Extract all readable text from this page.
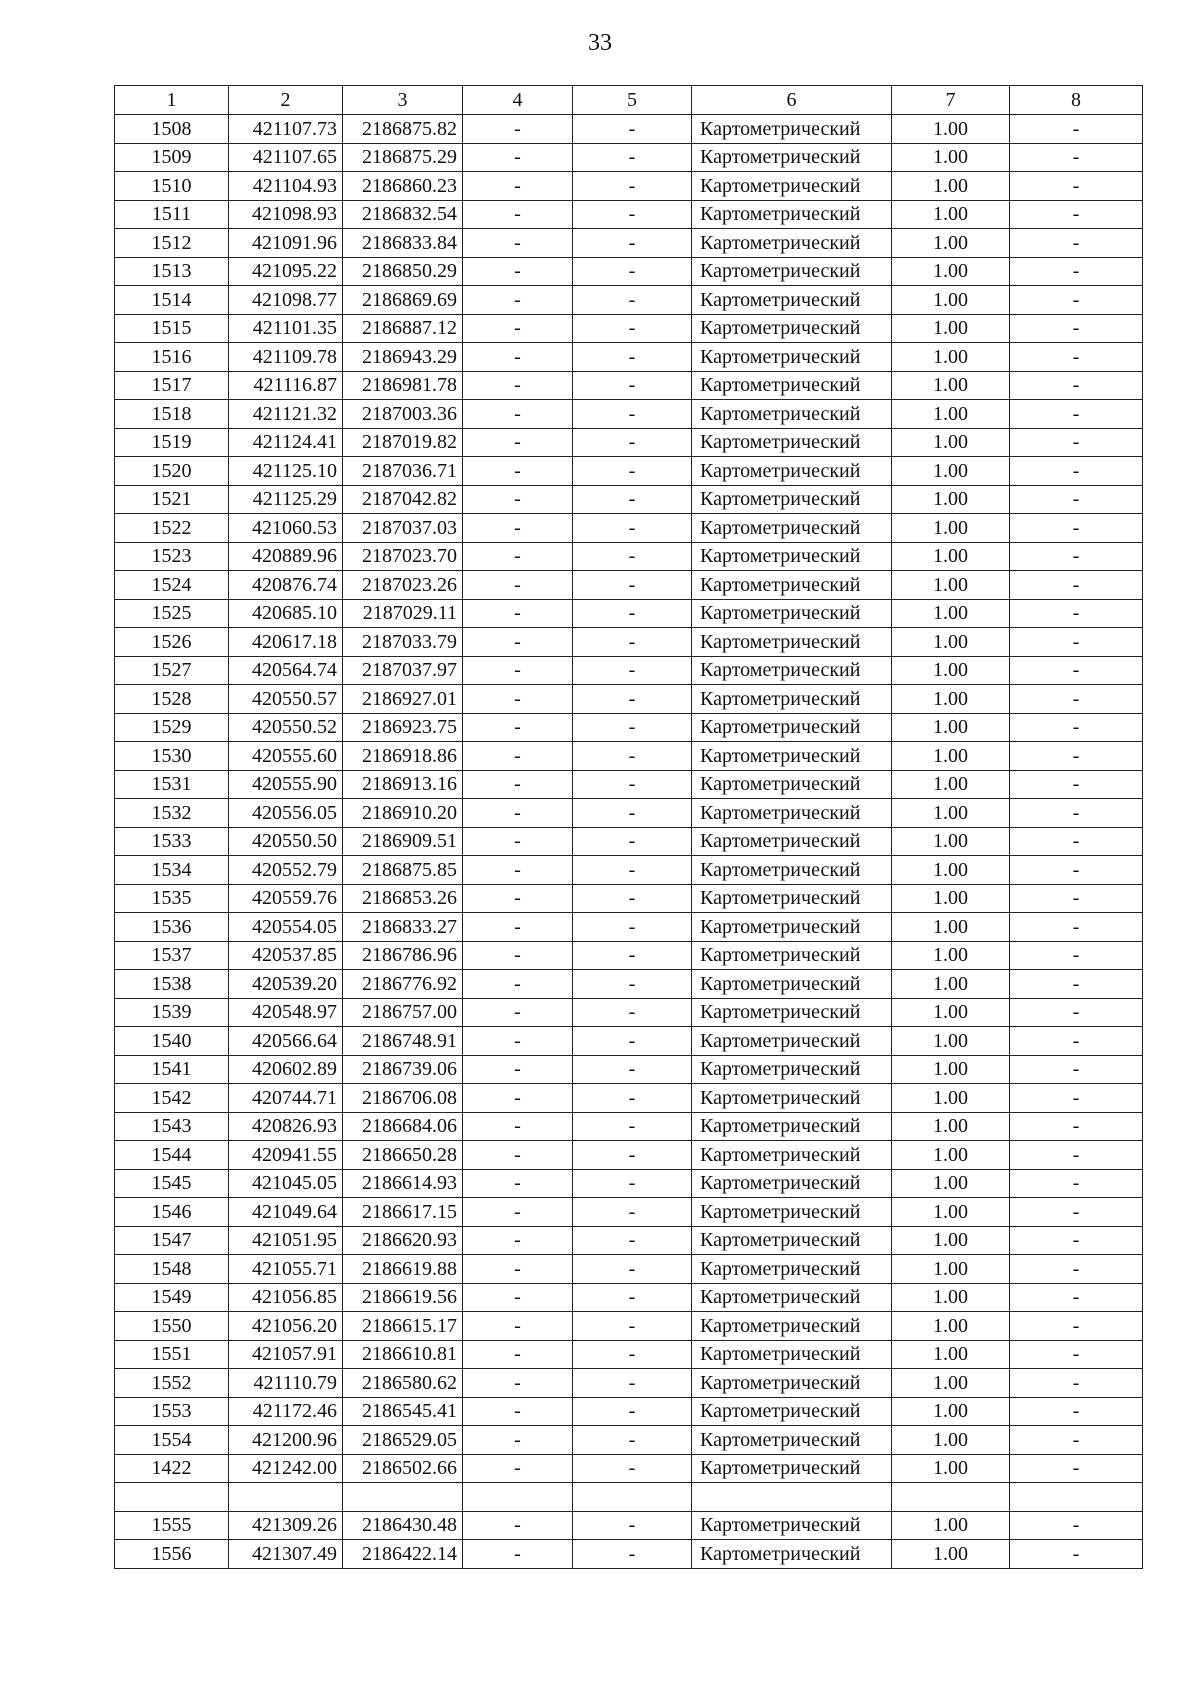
33
1	2	3	4	5	6	7	8
1508	421107.73	2186875.82	-	-	Картометрический	1.00	-
1509	421107.65	2186875.29	-	-	Картометрический	1.00	-
1510	421104.93	2186860.23	-	-	Картометрический	1.00	-
1511	421098.93	2186832.54	-	-	Картометрический	1.00	-
1512	421091.96	2186833.84	-	-	Картометрический	1.00	-
1513	421095.22	2186850.29	-	-	Картометрический	1.00	-
1514	421098.77	2186869.69	-	-	Картометрический	1.00	-
1515	421101.35	2186887.12	-	-	Картометрический	1.00	-
1516	421109.78	2186943.29	-	-	Картометрический	1.00	-
1517	421116.87	2186981.78	-	-	Картометрический	1.00	-
1518	421121.32	2187003.36	-	-	Картометрический	1.00	-
1519	421124.41	2187019.82	-	-	Картометрический	1.00	-
1520	421125.10	2187036.71	-	-	Картометрический	1.00	-
1521	421125.29	2187042.82	-	-	Картометрический	1.00	-
1522	421060.53	2187037.03	-	-	Картометрический	1.00	-
1523	420889.96	2187023.70	-	-	Картометрический	1.00	-
1524	420876.74	2187023.26	-	-	Картометрический	1.00	-
1525	420685.10	2187029.11	-	-	Картометрический	1.00	-
1526	420617.18	2187033.79	-	-	Картометрический	1.00	-
1527	420564.74	2187037.97	-	-	Картометрический	1.00	-
1528	420550.57	2186927.01	-	-	Картометрический	1.00	-
1529	420550.52	2186923.75	-	-	Картометрический	1.00	-
1530	420555.60	2186918.86	-	-	Картометрический	1.00	-
1531	420555.90	2186913.16	-	-	Картометрический	1.00	-
1532	420556.05	2186910.20	-	-	Картометрический	1.00	-
1533	420550.50	2186909.51	-	-	Картометрический	1.00	-
1534	420552.79	2186875.85	-	-	Картометрический	1.00	-
1535	420559.76	2186853.26	-	-	Картометрический	1.00	-
1536	420554.05	2186833.27	-	-	Картометрический	1.00	-
1537	420537.85	2186786.96	-	-	Картометрический	1.00	-
1538	420539.20	2186776.92	-	-	Картометрический	1.00	-
1539	420548.97	2186757.00	-	-	Картометрический	1.00	-
1540	420566.64	2186748.91	-	-	Картометрический	1.00	-
1541	420602.89	2186739.06	-	-	Картометрический	1.00	-
1542	420744.71	2186706.08	-	-	Картометрический	1.00	-
1543	420826.93	2186684.06	-	-	Картометрический	1.00	-
1544	420941.55	2186650.28	-	-	Картометрический	1.00	-
1545	421045.05	2186614.93	-	-	Картометрический	1.00	-
1546	421049.64	2186617.15	-	-	Картометрический	1.00	-
1547	421051.95	2186620.93	-	-	Картометрический	1.00	-
1548	421055.71	2186619.88	-	-	Картометрический	1.00	-
1549	421056.85	2186619.56	-	-	Картометрический	1.00	-
1550	421056.20	2186615.17	-	-	Картометрический	1.00	-
1551	421057.91	2186610.81	-	-	Картометрический	1.00	-
1552	421110.79	2186580.62	-	-	Картометрический	1.00	-
1553	421172.46	2186545.41	-	-	Картометрический	1.00	-
1554	421200.96	2186529.05	-	-	Картометрический	1.00	-
1422	421242.00	2186502.66	-	-	Картометрический	1.00	-

1555	421309.26	2186430.48	-	-	Картометрический	1.00	-
1556	421307.49	2186422.14	-	-	Картометрический	1.00	-
